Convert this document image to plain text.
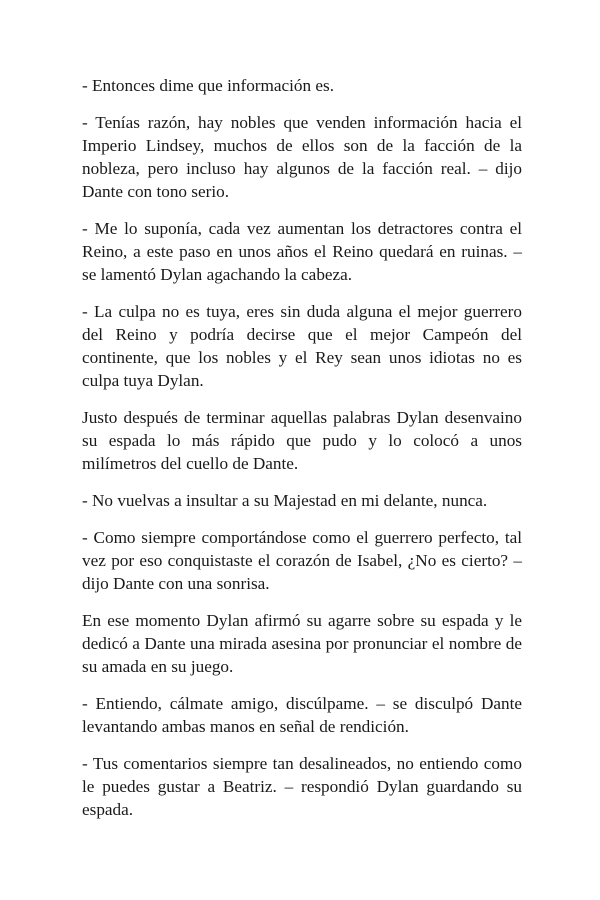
- Entonces dime que información es.

- Tenías razón, hay nobles que venden información hacia el Imperio Lindsey, muchos de ellos son de la facción de la nobleza, pero incluso hay algunos de la facción real. – dijo Dante con tono serio.

- Me lo suponía, cada vez aumentan los detractores contra el Reino, a este paso en unos años el Reino quedará en ruinas. – se lamentó Dylan agachando la cabeza.

- La culpa no es tuya, eres sin duda alguna el mejor guerrero del Reino y podría decirse que el mejor Campeón del continente, que los nobles y el Rey sean unos idiotas no es culpa tuya Dylan.

Justo después de terminar aquellas palabras Dylan desenvaino su espada lo más rápido que pudo y lo colocó a unos milímetros del cuello de Dante.

- No vuelvas a insultar a su Majestad en mi delante, nunca.

- Como siempre comportándose como el guerrero perfecto, tal vez por eso conquistaste el corazón de Isabel, ¿No es cierto? – dijo Dante con una sonrisa.

En ese momento Dylan afirmó su agarre sobre su espada y le dedicó a Dante una mirada asesina por pronunciar el nombre de su amada en su juego.

- Entiendo, cálmate amigo, discúlpame. – se disculpó Dante levantando ambas manos en señal de rendición.

- Tus comentarios siempre tan desalineados, no entiendo como le puedes gustar a Beatriz. – respondió Dylan guardando su espada.
